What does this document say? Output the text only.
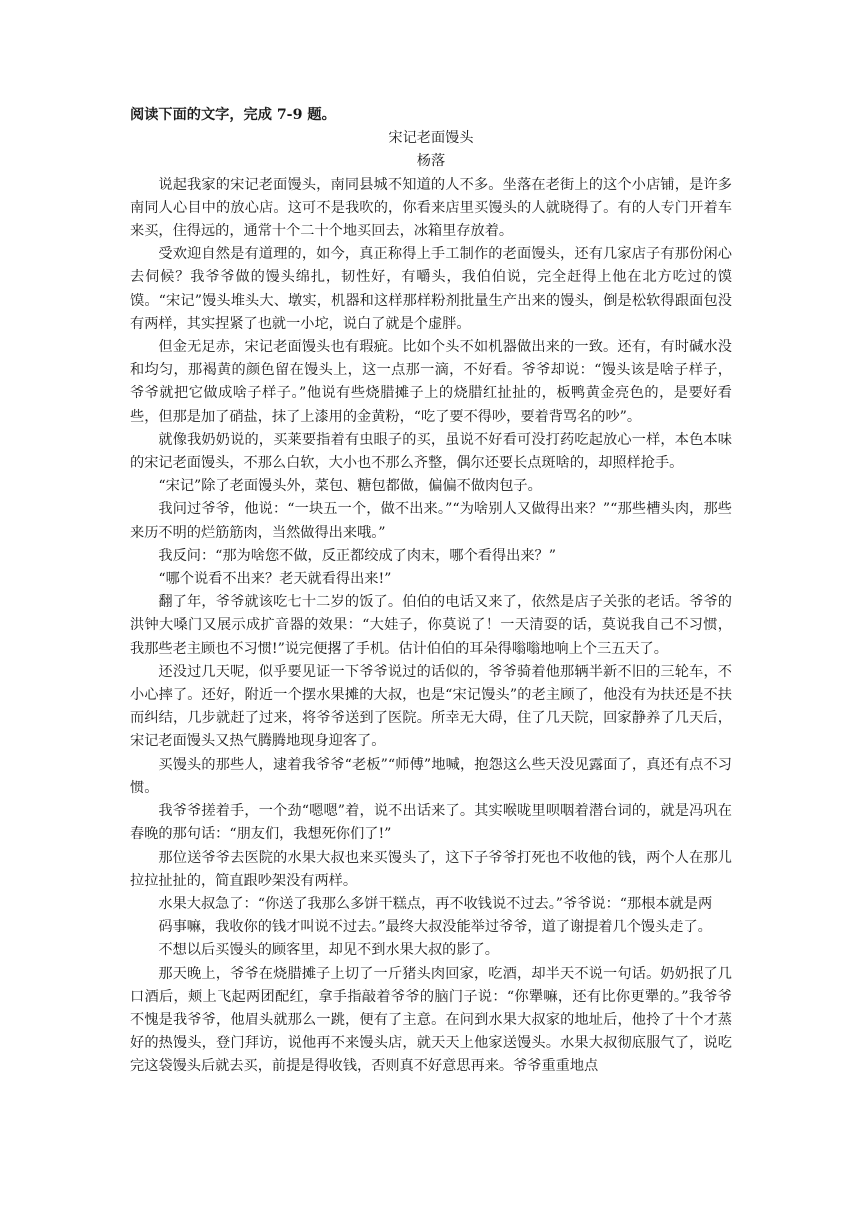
阅读下面的文字，完成 7-9 题。

宋记老面馒头

杨落

说起我家的宋记老面馒头，南同县城不知道的人不多。坐落在老街上的这个小店铺，是许多南同人心目中的放心店。这可不是我吹的，你看来店里买馒头的人就晓得了。有的人专门开着车来买，住得远的，通常十个二十个地买回去，冰箱里存放着。

受欢迎自然是有道理的，如今，真正称得上手工制作的老面馒头，还有几家店子有那份闲心去伺候？我爷爷做的馒头绵扎，韧性好，有嚼头，我伯伯说，完全赶得上他在北方吃过的馍馍。“宋记”馒头堆头大、墩实，机器和这样那样粉剂批量生产出来的馒头，倒是松软得跟面包没有两样，其实捏紧了也就一小坨，说白了就是个虚胖。

但金无足赤，宋记老面馒头也有瑕疵。比如个头不如机器做出来的一致。还有，有时碱水没和均匀，那褐黄的颜色留在馒头上，这一点那一滴，不好看。爷爷却说：“馒头该是啥子样子，爷爷就把它做成啥子样子。”他说有些烧腊摊子上的烧腊红扯扯的，板鸭黄金亮色的，是要好看些，但那是加了硝盐，抹了上漆用的金黄粉，“吃了要不得吵，要着背骂名的吵”。

就像我奶奶说的，买莱要指着有虫眼子的买，虽说不好看可没打药吃起放心一样，本色本味的宋记老面馒头，不那么白软，大小也不那么齐整，偶尔还要长点斑啥的，却照样抢手。

“宋记”除了老面馒头外，菜包、糖包都做，偏偏不做肉包子。

我问过爷爷，他说：“一块五一个，做不出来。”“为啥别人又做得出来？”“那些槽头肉，那些来历不明的烂筋筋肉，当然做得出来哦。”

我反问：“那为啥您不做，反正都绞成了肉末，哪个看得出来？”

“哪个说看不出来？老天就看得出来!”

翻了年，爷爷就该吃七十二岁的饭了。伯伯的电话又来了，依然是店子关张的老话。爷爷的洪钟大嗓门又展示成扩音器的效果：“大娃子，你莫说了！一天清耍的话，莫说我自己不习惯，我那些老主顾也不习惯!”说完便撂了手机。估计伯伯的耳朵得嗡嗡地响上个三五天了。

还没过几天呢，似乎要见证一下爷爷说过的话似的，爷爷骑着他那辆半新不旧的三轮车，不小心摔了。还好，附近一个摆水果摊的大叔，也是“宋记馒头”的老主顾了，他没有为扶还是不扶而纠结，几步就赶了过来，将爷爷送到了医院。所幸无大碍，住了几天院，回家静养了几天后，宋记老面馒头又热气腾腾地现身迎客了。

买馒头的那些人，逮着我爷爷“老板”“师傅”地喊，抱怨这么些天没见露面了，真还有点不习惯。

我爷爷搓着手，一个劲“嗯嗯”着，说不出话来了。其实喉咙里呗咽着潜台词的，就是冯巩在春晚的那句话：“朋友们，我想死你们了!”

那位送爷爷去医院的水果大叔也来买馒头了，这下子爷爷打死也不收他的钱，两个人在那儿拉拉扯扯的，简直跟吵架没有两样。

水果大叔急了：“你送了我那么多饼干糕点，再不收钱说不过去。”爷爷说：“那根本就是两

码事嘛，我收你的钱才叫说不过去。”最终大叔没能举过爷爷，道了谢提着几个馒头走了。

不想以后买馒头的顾客里，却见不到水果大叔的影了。

那天晚上，爷爷在烧腊摊子上切了一斤猪头肉回家，吃酒，却半天不说一句话。奶奶抿了几口酒后，颊上飞起两团配红，拿手指敲着爷爷的脑门子说：“你犟嘛，还有比你更犟的。”我爷爷不愧是我爷爷，他眉头就那么一跳，便有了主意。在问到水果大叔家的地址后，他拎了十个才蒸好的热馒头，登门拜访，说他再不来馒头店，就天天上他家送馒头。水果大叔彻底服气了，说吃完这袋馒头后就去买，前提是得收钱，否则真不好意思再来。爷爷重重地点
